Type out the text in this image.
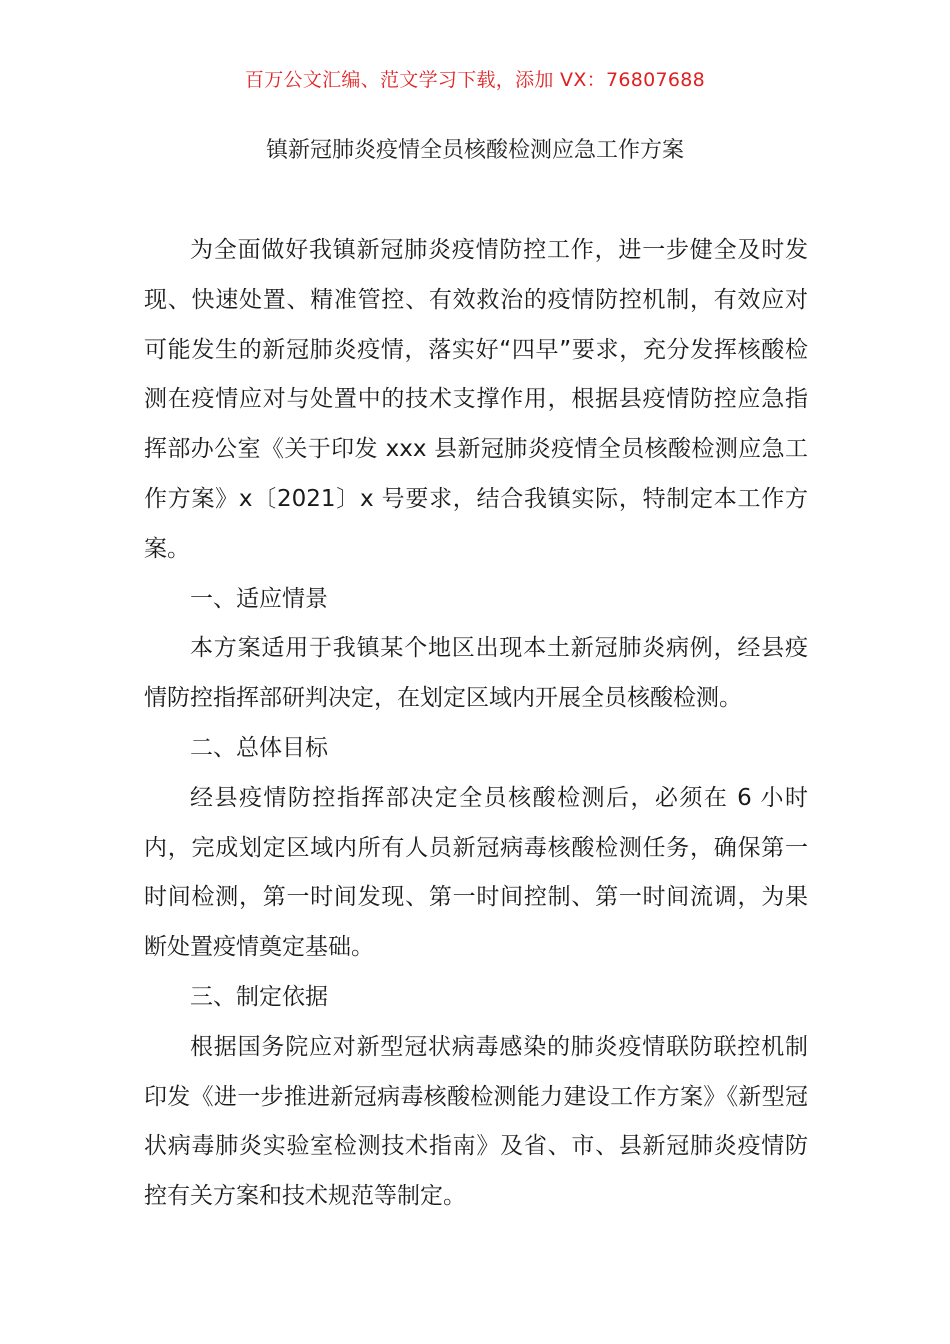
百万公文汇编、范文学习下载，添加 VX：76807688
镇新冠肺炎疫情全员核酸检测应急工作方案

为全面做好我镇新冠肺炎疫情防控工作，进一步健全及时发现、快速处置、精准管控、有效救治的疫情防控机制，有效应对可能发生的新冠肺炎疫情，落实好“四早”要求，充分发挥核酸检测在疫情应对与处置中的技术支撑作用，根据县疫情防控应急指挥部办公室《关于印发 xxx 县新冠肺炎疫情全员核酸检测应急工作方案》x〔2021〕x 号要求，结合我镇实际，特制定本工作方案。

一、适应情景

本方案适用于我镇某个地区出现本土新冠肺炎病例，经县疫情防控指挥部研判决定，在划定区域内开展全员核酸检测。

二、总体目标

经县疫情防控指挥部决定全员核酸检测后，必须在 6 小时内，完成划定区域内所有人员新冠病毒核酸检测任务，确保第一时间检测，第一时间发现、第一时间控制、第一时间流调，为果断处置疫情奠定基础。

三、制定依据

根据国务院应对新型冠状病毒感染的肺炎疫情联防联控机制印发《进一步推进新冠病毒核酸检测能力建设工作方案》《新型冠状病毒肺炎实验室检测技术指南》及省、市、县新冠肺炎疫情防控有关方案和技术规范等制定。
